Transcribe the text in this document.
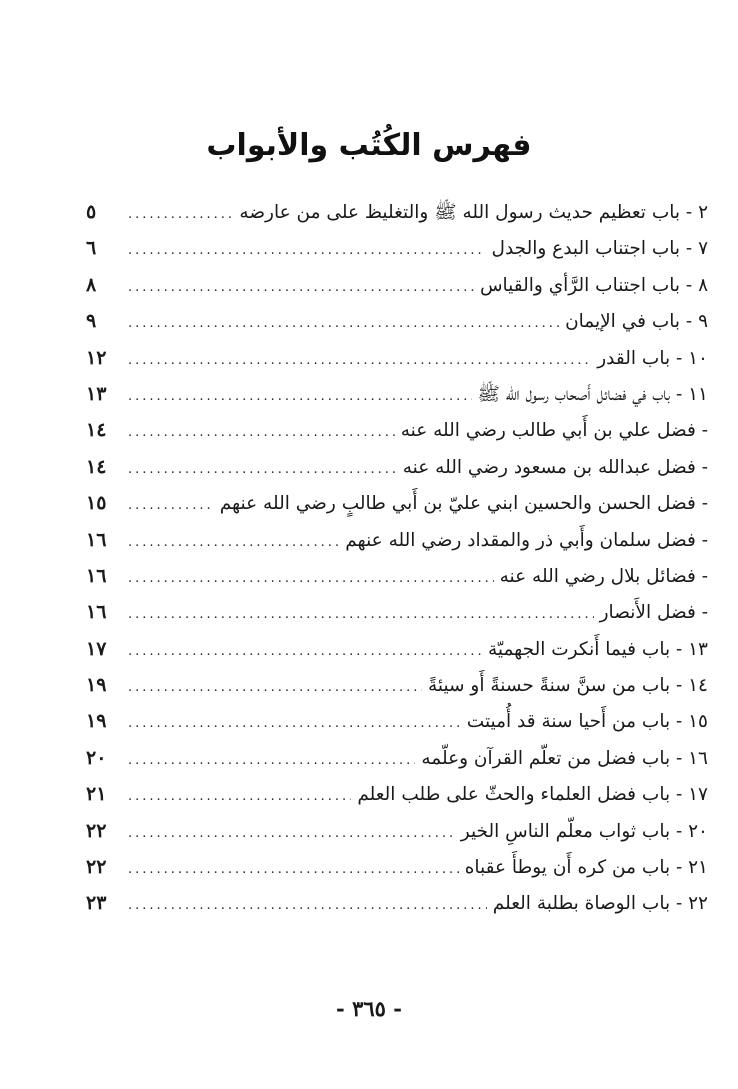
فهرس الكُتُب والأبواب
٢ - باب تعظيم حديث رسول الله ﷺ والتغليظ على من عارضه
.....
٥
٧ - باب اجتناب البدع والجدل
.....
٦
٨ - باب اجتناب الرَّأي والقياس
.....
٨
٩ - باب في الإيمان
.....
٩
١٠ - باب القدر
.....
١٢
١١ - باب في فضائل أَصحاب رسول الله ﷺ
.....
١٣
- فضل علي بن أَبي طالب رضي الله عنه
.....
١٤
- فضل عبدالله بن مسعود رضي الله عنه
.....
١٤
- فضل الحسن والحسين ابني عليّ بن أَبي طالبٍ رضي الله عنهم
.....
١٥
- فضل سلمان وأَبي ذر والمقداد رضي الله عنهم
.....
١٦
- فضائل بلال رضي الله عنه
.....
١٦
- فضل الأَنصار
.....
١٦
١٣ - باب فيما أَنكرت الجهميّة
.....
١٧
١٤ - باب من سنَّ سنةً حسنةً أَو سيئةً
.....
١٩
١٥ - باب من أَحيا سنة قد أُميتت
.....
١٩
١٦ - باب فضل من تعلّم القرآن وعلّمه
.....
٢٠
١٧ - باب فضل العلماء والحثّ على طلب العلم
.....
٢١
٢٠ - باب ثواب معلّم الناسِ الخير
.....
٢٢
٢١ - باب من كره أَن يوطأَ عقباه
.....
٢٢
٢٢ - باب الوصاة بطلبة العلم
.....
٢٣
- ٣٦٥ -
